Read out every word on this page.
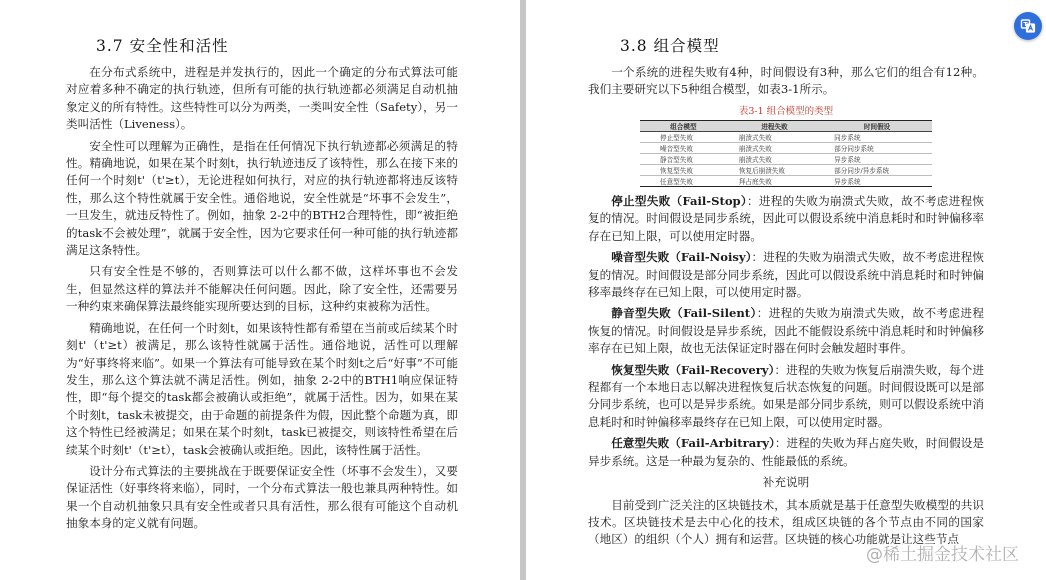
3.7 安全性和活性

在分布式系统中，进程是并发执行的，因此一个确定的分布式算法可能对应着多种不确定的执行轨迹，但所有可能的执行轨迹都必须满足自动机抽象定义的所有特性。这些特性可以分为两类，一类叫安全性（Safety），另一类叫活性（Liveness）。

安全性可以理解为正确性，是指在任何情况下执行轨迹都必须满足的特性。精确地说，如果在某个时刻t，执行轨迹违反了该特性，那么在接下来的任何一个时刻t'（t'≥t），无论进程如何执行，对应的执行轨迹都将违反该特性，那么这个特性就属于安全性。通俗地说，安全性就是“坏事不会发生”，一旦发生，就违反特性了。例如，抽象 2-2中的BTH2合理特性，即“被拒绝的task不会被处理”，就属于安全性，因为它要求任何一种可能的执行轨迹都满足这条特性。

只有安全性是不够的，否则算法可以什么都不做，这样坏事也不会发生，但显然这样的算法并不能解决任何问题。因此，除了安全性，还需要另一种约束来确保算法最终能实现所要达到的目标，这种约束被称为活性。

精确地说，在任何一个时刻t，如果该特性都有希望在当前或后续某个时刻t'（t'≥t）被满足，那么该特性就属于活性。通俗地说，活性可以理解为“好事终将来临”。如果一个算法有可能导致在某个时刻t之后“好事”不可能发生，那么这个算法就不满足活性。例如，抽象 2-2中的BTH1响应保证特性，即“每个提交的task都会被确认或拒绝”，就属于活性。因为，如果在某个时刻t，task未被提交，由于命题的前提条件为假，因此整个命题为真，即这个特性已经被满足；如果在某个时刻t，task已被提交，则该特性希望在后续某个时刻t'（t'≥t），task会被确认或拒绝。因此，该特性属于活性。

设计分布式算法的主要挑战在于既要保证安全性（坏事不会发生），又要保证活性（好事终将来临），同时，一个分布式算法一般也兼具两种特性。如果一个自动机抽象只具有安全性或者只具有活性，那么很有可能这个自动机抽象本身的定义就有问题。

3.8 组合模型

一个系统的进程失败有4种，时间假设有3种，那么它们的组合有12种。我们主要研究以下5种组合模型，如表3-1所示。

表3-1 组合模型的类型
组合模型	进程失败	时间假设
停止型失败	崩溃式失败	同步系统
噪音型失败	崩溃式失败	部分同步系统
静音型失败	崩溃式失败	异步系统
恢复型失败	恢复后崩溃失败	部分同步/异步系统
任意型失败	拜占庭失败	异步系统

停止型失败（Fail-Stop）：进程的失败为崩溃式失败，故不考虑进程恢复的情况。时间假设是同步系统，因此可以假设系统中消息耗时和时钟偏移率存在已知上限，可以使用定时器。

噪音型失败（Fail-Noisy）：进程的失败为崩溃式失败，故不考虑进程恢复的情况。时间假设是部分同步系统，因此可以假设系统中消息耗时和时钟偏移率最终存在已知上限，可以使用定时器。

静音型失败（Fail-Silent）：进程的失败为崩溃式失败，故不考虑进程恢复的情况。时间假设是异步系统，因此不能假设系统中消息耗时和时钟偏移率存在已知上限，故也无法保证定时器在何时会触发超时事件。

恢复型失败（Fail-Recovery）：进程的失败为恢复后崩溃失败，每个进程都有一个本地日志以解决进程恢复后状态恢复的问题。时间假设既可以是部分同步系统，也可以是异步系统。如果是部分同步系统，则可以假设系统中消息耗时和时钟偏移率最终存在已知上限，可以使用定时器。

任意型失败（Fail-Arbitrary）：进程的失败为拜占庭失败，时间假设是异步系统。这是一种最为复杂的、性能最低的系统。

补充说明

目前受到广泛关注的区块链技术，其本质就是基于任意型失败模型的共识技术。区块链技术是去中心化的技术，组成区块链的各个节点由不同的国家（地区）的组织（个人）拥有和运营。区块链的核心功能就是让这些节点

@稀土掘金技术社区
